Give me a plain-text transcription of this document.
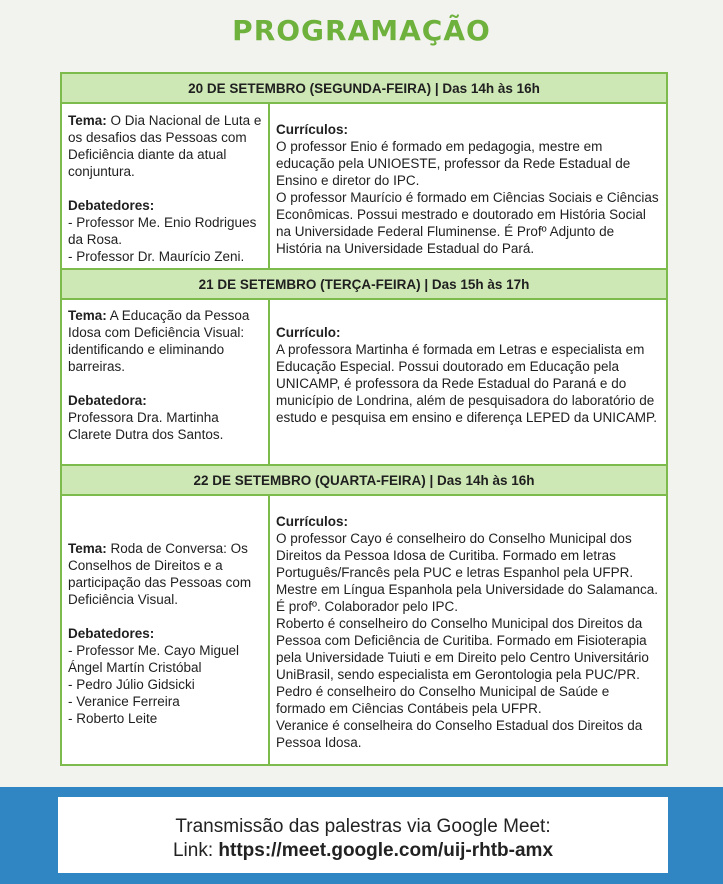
PROGRAMAÇÃO
20 DE SETEMBRO (SEGUNDA-FEIRA) | Das 14h às 16h
Tema: O Dia Nacional de Luta e os desafios das Pessoas com Deficiência diante da atual conjuntura.
Debatedores:
- Professor Me. Enio Rodrigues da Rosa.
- Professor Dr. Maurício Zeni.
Currículos:
O professor Enio é formado em pedagogia, mestre em educação pela UNIOESTE, professor da Rede Estadual de Ensino e diretor do IPC.
O professor Maurício é formado em Ciências Sociais e Ciências Econômicas. Possui mestrado e doutorado em História Social na Universidade Federal Fluminense. É Profº Adjunto de História na Universidade Estadual do Pará.
21 DE SETEMBRO (TERÇA-FEIRA) | Das 15h às 17h
Tema: A Educação da Pessoa Idosa com Deficiência Visual: identificando e eliminando barreiras.
Debatedora:
Professora Dra. Martinha Clarete Dutra dos Santos.
Currículo:
A professora Martinha é formada em Letras e especialista em Educação Especial. Possui doutorado em Educação pela UNICAMP, é professora da Rede Estadual do Paraná e do município de Londrina, além de pesquisadora do laboratório de estudo e pesquisa em ensino e diferença LEPED da UNICAMP.
22 DE SETEMBRO (QUARTA-FEIRA) | Das 14h às 16h
Tema: Roda de Conversa: Os Conselhos de Direitos e a participação das Pessoas com Deficiência Visual.
Debatedores:
- Professor Me. Cayo Miguel Ángel Martín Cristóbal
- Pedro Júlio Gidsicki
- Veranice Ferreira
- Roberto Leite
Currículos:
O professor Cayo é conselheiro do Conselho Municipal dos Direitos da Pessoa Idosa de Curitiba. Formado em letras Português/Francês pela PUC e letras Espanhol pela UFPR. Mestre em Língua Espanhola pela Universidade do Salamanca. É profº. Colaborador pelo IPC.
Roberto é conselheiro do Conselho Municipal dos Direitos da Pessoa com Deficiência de Curitiba. Formado em Fisioterapia pela Universidade Tuiuti e em Direito pelo Centro Universitário UniBrasil, sendo especialista em Gerontologia pela PUC/PR.
Pedro é conselheiro do Conselho Municipal de Saúde e formado em Ciências Contábeis pela UFPR.
Veranice é conselheira do Conselho Estadual dos Direitos da Pessoa Idosa.
Transmissão das palestras via Google Meet:
Link: https://meet.google.com/uij-rhtb-amx
